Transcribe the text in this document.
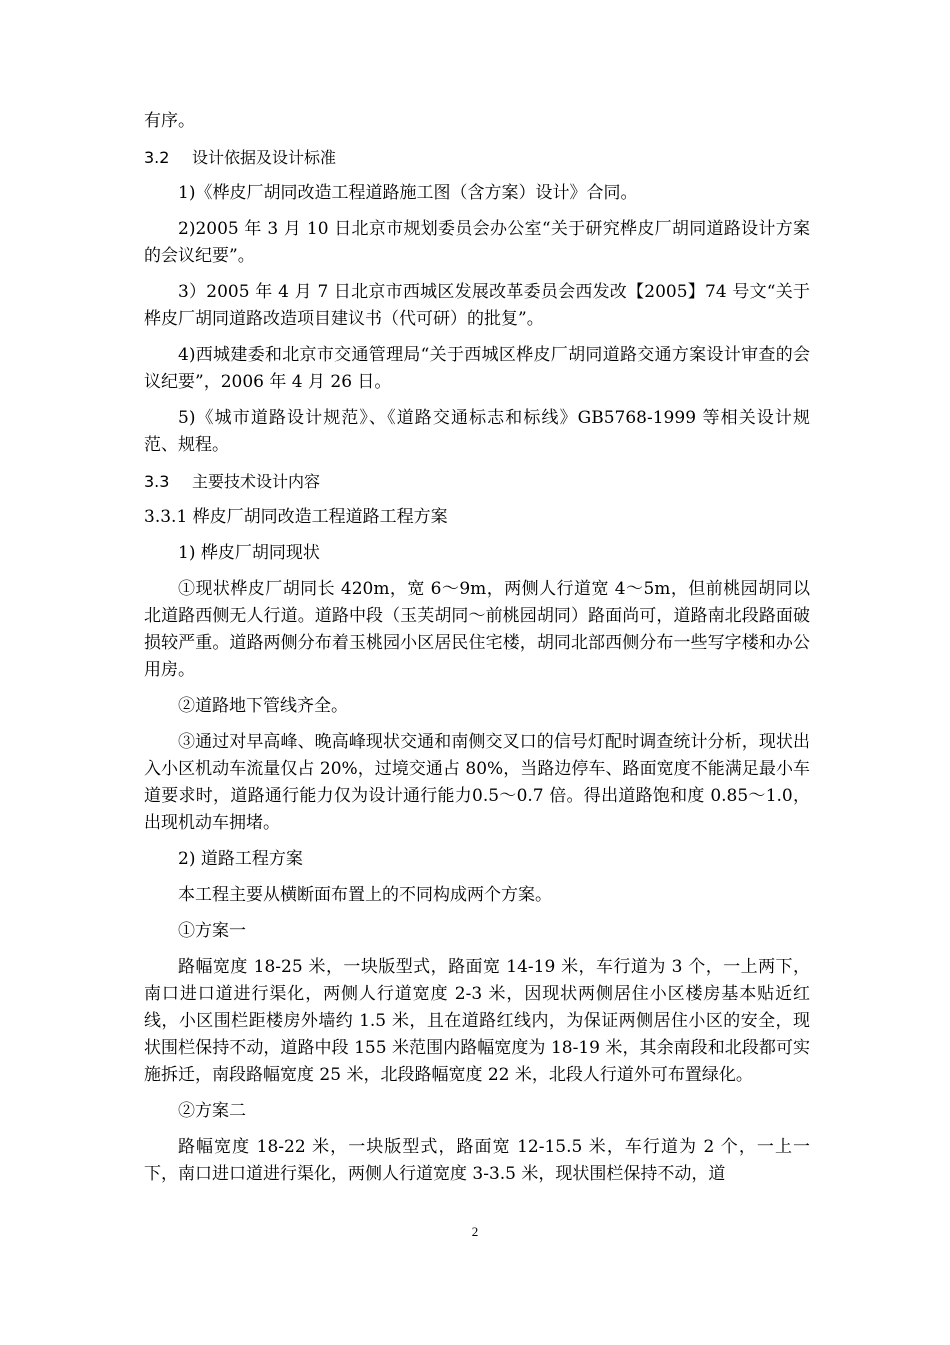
有序。

3.2 设计依据及设计标准

1)《桦皮厂胡同改造工程道路施工图（含方案）设计》合同。

2)2005 年 3 月 10 日北京市规划委员会办公室“关于研究桦皮厂胡同道路设计方案的会议纪要”。

3）2005 年 4 月 7 日北京市西城区发展改革委员会西发改【2005】74 号文“关于桦皮厂胡同道路改造项目建议书（代可研）的批复”。

4)西城建委和北京市交通管理局“关于西城区桦皮厂胡同道路交通方案设计审查的会议纪要”，2006 年 4 月 26 日。

5)《城市道路设计规范》、《道路交通标志和标线》GB5768-1999 等相关设计规范、规程。

3.3 主要技术设计内容

3.3.1 桦皮厂胡同改造工程道路工程方案

1) 桦皮厂胡同现状

①现状桦皮厂胡同长 420m，宽 6～9m，两侧人行道宽 4～5m，但前桃园胡同以北道路西侧无人行道。道路中段（玉芙胡同～前桃园胡同）路面尚可，道路南北段路面破损较严重。道路两侧分布着玉桃园小区居民住宅楼，胡同北部西侧分布一些写字楼和办公用房。

②道路地下管线齐全。

③通过对早高峰、晚高峰现状交通和南侧交叉口的信号灯配时调查统计分析，现状出入小区机动车流量仅占 20%，过境交通占 80%，当路边停车、路面宽度不能满足最小车道要求时，道路通行能力仅为设计通行能力0.5～0.7 倍。得出道路饱和度 0.85～1.0，出现机动车拥堵。

2) 道路工程方案

本工程主要从横断面布置上的不同构成两个方案。

①方案一

路幅宽度 18-25 米，一块版型式，路面宽 14-19 米，车行道为 3 个，一上两下，南口进口道进行渠化，两侧人行道宽度 2-3 米，因现状两侧居住小区楼房基本贴近红线，小区围栏距楼房外墙约 1.5 米，且在道路红线内，为保证两侧居住小区的安全，现状围栏保持不动，道路中段 155 米范围内路幅宽度为 18-19 米，其余南段和北段都可实施拆迁，南段路幅宽度 25 米，北段路幅宽度 22 米，北段人行道外可布置绿化。

②方案二

路幅宽度 18-22 米，一块版型式，路面宽 12-15.5 米，车行道为 2 个，一上一下，南口进口道进行渠化，两侧人行道宽度 3-3.5 米，现状围栏保持不动，道

2
